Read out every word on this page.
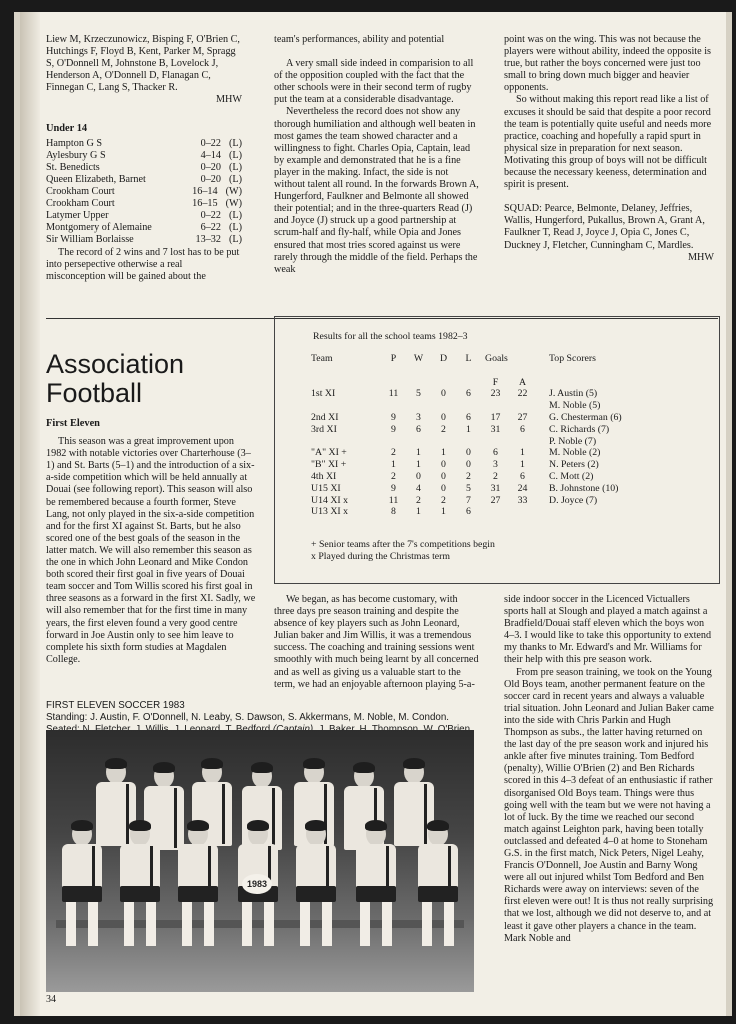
Liew M, Krzeczunowicz, Bisping F, O'Brien C, Hutchings F, Floyd B, Kent, Parker M, Spragg S, O'Donnell M, Johnstone B, Lovelock J, Henderson A, O'Donnell D, Flanagan C, Finnegan C, Lang S, Thacker R.

MHW

Under 14
Hampton G S	0–22 (L)
Aylesbury G S	4–14 (L)
St. Benedicts	0–20 (L)
Queen Elizabeth, Barnet	0–20 (L)
Crookham Court	16–14 (W)
Crookham Court	16–15 (W)
Latymer Upper	0–22 (L)
Montgomery of Alemaine	6–22 (L)
Sir William Borlaisse	13–32 (L)

The record of 2 wins and 7 lost has to be put into persepective otherwise a real misconception will be gained about the

team's performances, ability and potential

A very small side indeed in comparision to all of the opposition coupled with the fact that the other schools were in their second term of rugby put the team at a considerable disadvantage.

Nevertheless the record does not show any thorough humiliation and although well beaten in most games the team showed character and a willingness to fight. Charles Opia, Captain, lead by example and demonstrated that he is a fine player in the making. Infact, the side is not without talent all round. In the forwards Brown A, Hungerford, Faulkner and Belmonte all showed their potential; and in the three-quarters Read (J) and Joyce (J) struck up a good partnership at scrum-half and fly-half, while Opia and Jones ensured that most tries scored against us were rarely through the middle of the field. Perhaps the weak

point was on the wing. This was not because the players were without ability, indeed the opposite is true, but rather the boys concerned were just too small to bring down much bigger and heavier opponents.

So without making this report read like a list of excuses it should be said that despite a poor record the team is potentially quite useful and needs more practice, coaching and hopefully a rapid spurt in physical size in preparation for next season. Motivating this group of boys will not be difficult because the necessary keeness, determination and spirit is present.

SQUAD: Pearce, Belmonte, Delaney, Jeffries, Wallis, Hungerford, Pukallus, Brown A, Grant A, Faulkner T, Read J, Joyce J, Opia C, Jones C, Duckney J, Fletcher, Cunningham C, Mardles.

MHW

Association
Football
First Eleven

This season was a great improvement upon 1982 with notable victories over Charterhouse (3–1) and St. Barts (5–1) and the introduction of a six-a-side competition which will be held annually at Douai (see following report). This season will also be remembered because a fourth former, Steve Lang, not only played in the six-a-side competition and for the first XI against St. Barts, but he also scored one of the best goals of the season in the latter match. We will also remember this season as the one in which John Leonard and Mike Condon both scored their first goal in five years of Douai team soccer and Tom Willis scored his first goal in three seasons as a forward in the first XI. Sadly, we will also remember that for the first time in many years, the first eleven found a very good centre forward in Joe Austin only to see him leave to complete his sixth form studies at Magdalen College.

Results for all the school teams 1982–3
Team	P	W	D	L	Goals		Top Scorers

					F	A	
1st XI	11	5	0	6	23	22	J. Austin (5)
							M. Noble (5)
2nd XI	9	3	0	6	17	27	G. Chesterman (6)
3rd XI	9	6	2	1	31	6	C. Richards (7)
							P. Noble (7)
"A" XI +	2	1	1	0	6	1	M. Noble (2)
"B" XI +	1	1	0	0	3	1	N. Peters (2)
4th XI	2	0	0	2	2	6	C. Mott (2)
U15 XI	9	4	0	5	31	24	B. Johnstone (10)
U14 XI x	11	2	2	7	27	33	D. Joyce (7)
U13 XI x	8	1	1	6			
+ Senior teams after the 7's competitions begin
x Played during the Christmas term

We began, as has become customary, with three days pre season training and despite the absence of key players such as John Leonard, Julian baker and Jim Willis, it was a tremendous success. The coaching and training sessions went smoothly with much being learnt by all concerned and as well as giving us a valuable start to the term, we had an enjoyable afternoon playing 5-a-

side indoor soccer in the Licenced Victuallers sports hall at Slough and played a match against a Bradfield/Douai staff eleven which the boys won 4–3. I would like to take this opportunity to extend my thanks to Mr. Edward's and Mr. Williams for their help with this pre season work.

From pre season training, we took on the Young Old Boys team, another permanent feature on the soccer card in recent years and always a valuable trial situation. John Leonard and Julian Baker came into the side with Chris Parkin and Hugh Thompson as subs., the latter having returned on the last day of the pre season work and injured his ankle after five minutes training. Tom Bedford (penalty), Willie O'Brien (2) and Ben Richards scored in this 4–3 defeat of an enthusiastic if rather disorganised Old Boys team. Things were thus going well with the team but we were not having a lot of luck. By the time we reached our second match against Leighton park, having been totally outclassed and defeated 4–0 at home to Stoneham G.S. in the first match, Nick Peters, Nigel Leahy, Francis O'Donnell, Joe Austin and Barny Wong were all out injured whilst Tom Bedford and Ben Richards were away on interviews: seven of the first eleven were out! It is thus not really surprising that we lost, although we did not deserve to, and at least it gave other players a chance in the team. Mark Noble and

FIRST ELEVEN SOCCER 1983
Standing: J. Austin, F. O'Donnell, N. Leaby, S. Dawson, S. Akkermans, M. Noble, M. Condon.
1983
34
